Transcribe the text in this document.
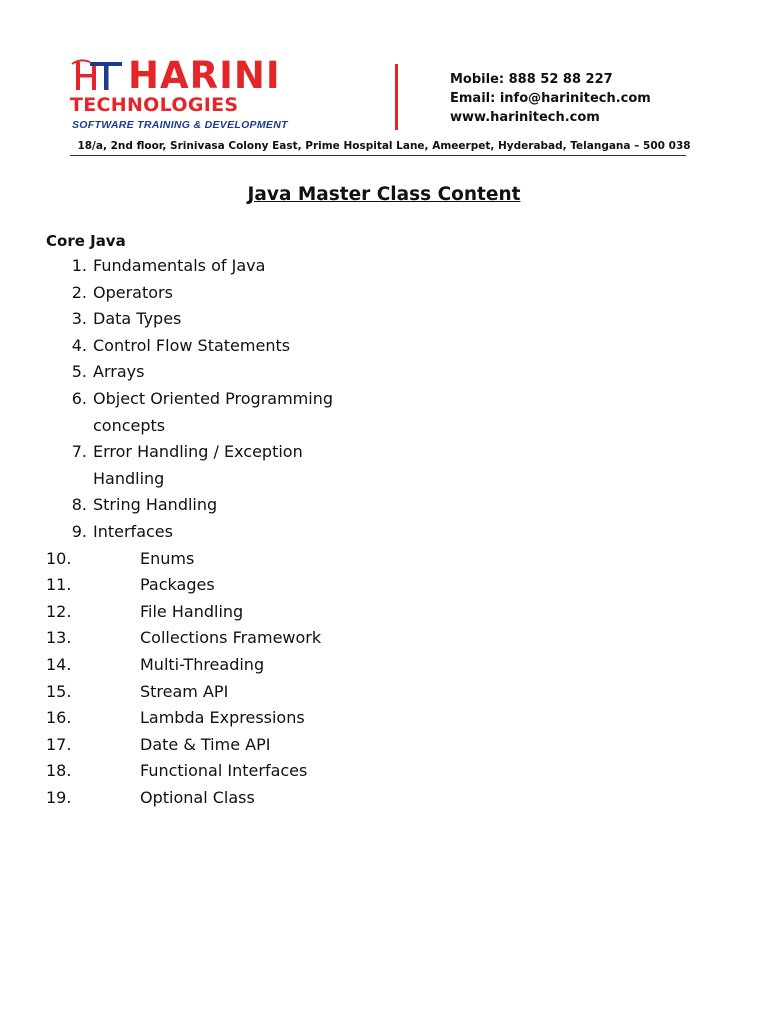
HARINI
TECHNOLOGIES
SOFTWARE TRAINING & DEVELOPMENT
Mobile: 888 52 88 227
Email: info@harinitech.com
www.harinitech.com
18/a, 2nd floor, Srinivasa Colony East, Prime Hospital Lane, Ameerpet, Hyderabad, Telangana – 500 038
Java Master Class Content
Core Java
1. Fundamentals of Java
2. Operators
3. Data Types
4. Control Flow Statements
5. Arrays
6. Object Oriented Programming concepts
7. Error Handling / Exception Handling
8. String Handling
9. Interfaces
10.	Enums
11.	Packages
12.	File Handling
13.	Collections Framework
14.	Multi-Threading
15.	Stream API
16.	Lambda Expressions
17.	Date & Time API
18.	Functional Interfaces
19.	Optional Class
